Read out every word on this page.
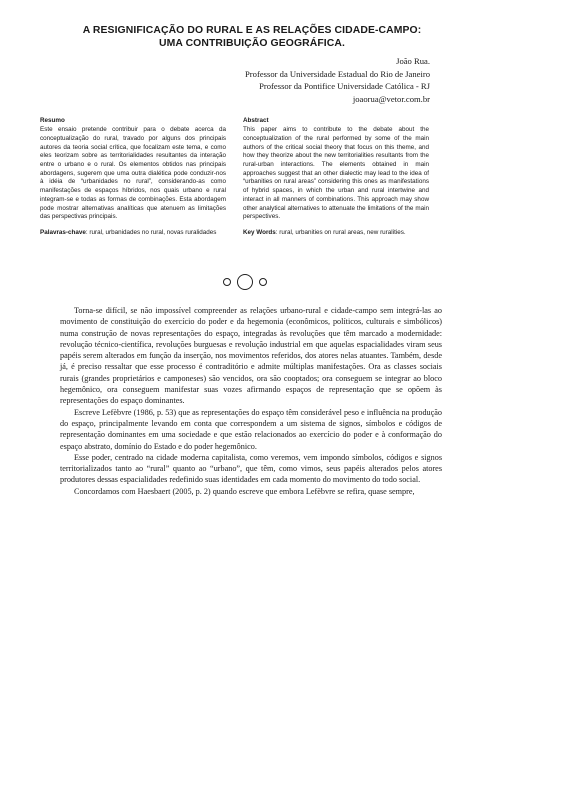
A RESIGNIFICAÇÃO DO RURAL E AS RELAÇÕES CIDADE-CAMPO:
UMA CONTRIBUIÇÃO GEOGRÁFICA.
João Rua.
Professor da Universidade Estadual do Rio de Janeiro
Professor da Pontifice Universidade Católica - RJ
joaorua@vetor.com.br
Resumo
Este ensaio pretende contribuir para o debate acerca da conceptualização do rural, travado por alguns dos principais autores da teoria social crítica, que focalizam este tema, e como eles teorizam sobre as territorialidades resultantes da interação entre o urbano e o rural. Os elementos obtidos nas principais abordagens, sugerem que uma outra dialética pode conduzir-nos à idéia de “urbanidades no rural”, considerando-as como manifestações de espaços híbridos, nos quais urbano e rural integram-se e todas as formas de combinações. Esta abordagem pode mostrar alternativas analíticas que atenuem as limitações das perspectivas principais.
Palavras-chave: rural, urbanidades no rural, novas ruralidades
Abstract
This paper aims to contribute to the debate about the conceptualization of the rural performed by some of the main authors of the critical social theory that focus on this theme, and how they theorize about the new territorialities resultants from the rural-urban interactions. The elements obtained in main approaches suggest that an other dialectic may lead to the idea of “urbanities on rural areas” considering this ones as manifestations of hybrid spaces, in which the urban and rural intertwine and interact in all manners of combinations. This approach may show other analytical alternatives to attenuate the limitations of the main perspectives.
Key Words: rural, urbanities on rural areas, new ruralities.

Torna-se difícil, se não impossível compreender as relações urbano-rural e cidade-campo sem integrá-las ao movimento de constituição do exercício do poder e da hegemonia (econômicos, políticos, culturais e simbólicos) numa construção de novas representações do espaço, integradas às revoluções que têm marcado a modernidade: revolução técnico-científica, revoluções burguesas e revolução industrial em que aquelas espacialidades viram seus papéis serem alterados em função da inserção, nos movimentos referidos, dos atores nelas atuantes. Também, desde já, é preciso ressaltar que esse processo é contraditório e admite múltiplas manifestações. Ora as classes sociais rurais (grandes proprietários e camponeses) são vencidos, ora são cooptados; ora conseguem se integrar ao bloco hegemônico, ora conseguem manifestar suas vozes afirmando espaços de representação que se opõem às representações do espaço dominantes.

Escreve Lefèbvre (1986, p. 53) que as representações do espaço têm considerável peso e influência na produção do espaço, principalmente levando em conta que correspondem a um sistema de signos, símbolos e códigos de representação dominantes em uma sociedade e que estão relacionados ao exercício do poder e à conformação do espaço abstrato, domínio do Estado e do poder hegemônico.

Esse poder, centrado na cidade moderna capitalista, como veremos, vem impondo símbolos, códigos e signos territorializados tanto ao “rural” quanto ao “urbano”, que têm, como vimos, seus papéis alterados pelos atores produtores dessas espacialidades redefinido suas identidades em cada momento do movimento do todo social.

Concordamos com Haesbaert (2005, p. 2) quando escreve que embora Lefèbvre se refira, quase sempre,
